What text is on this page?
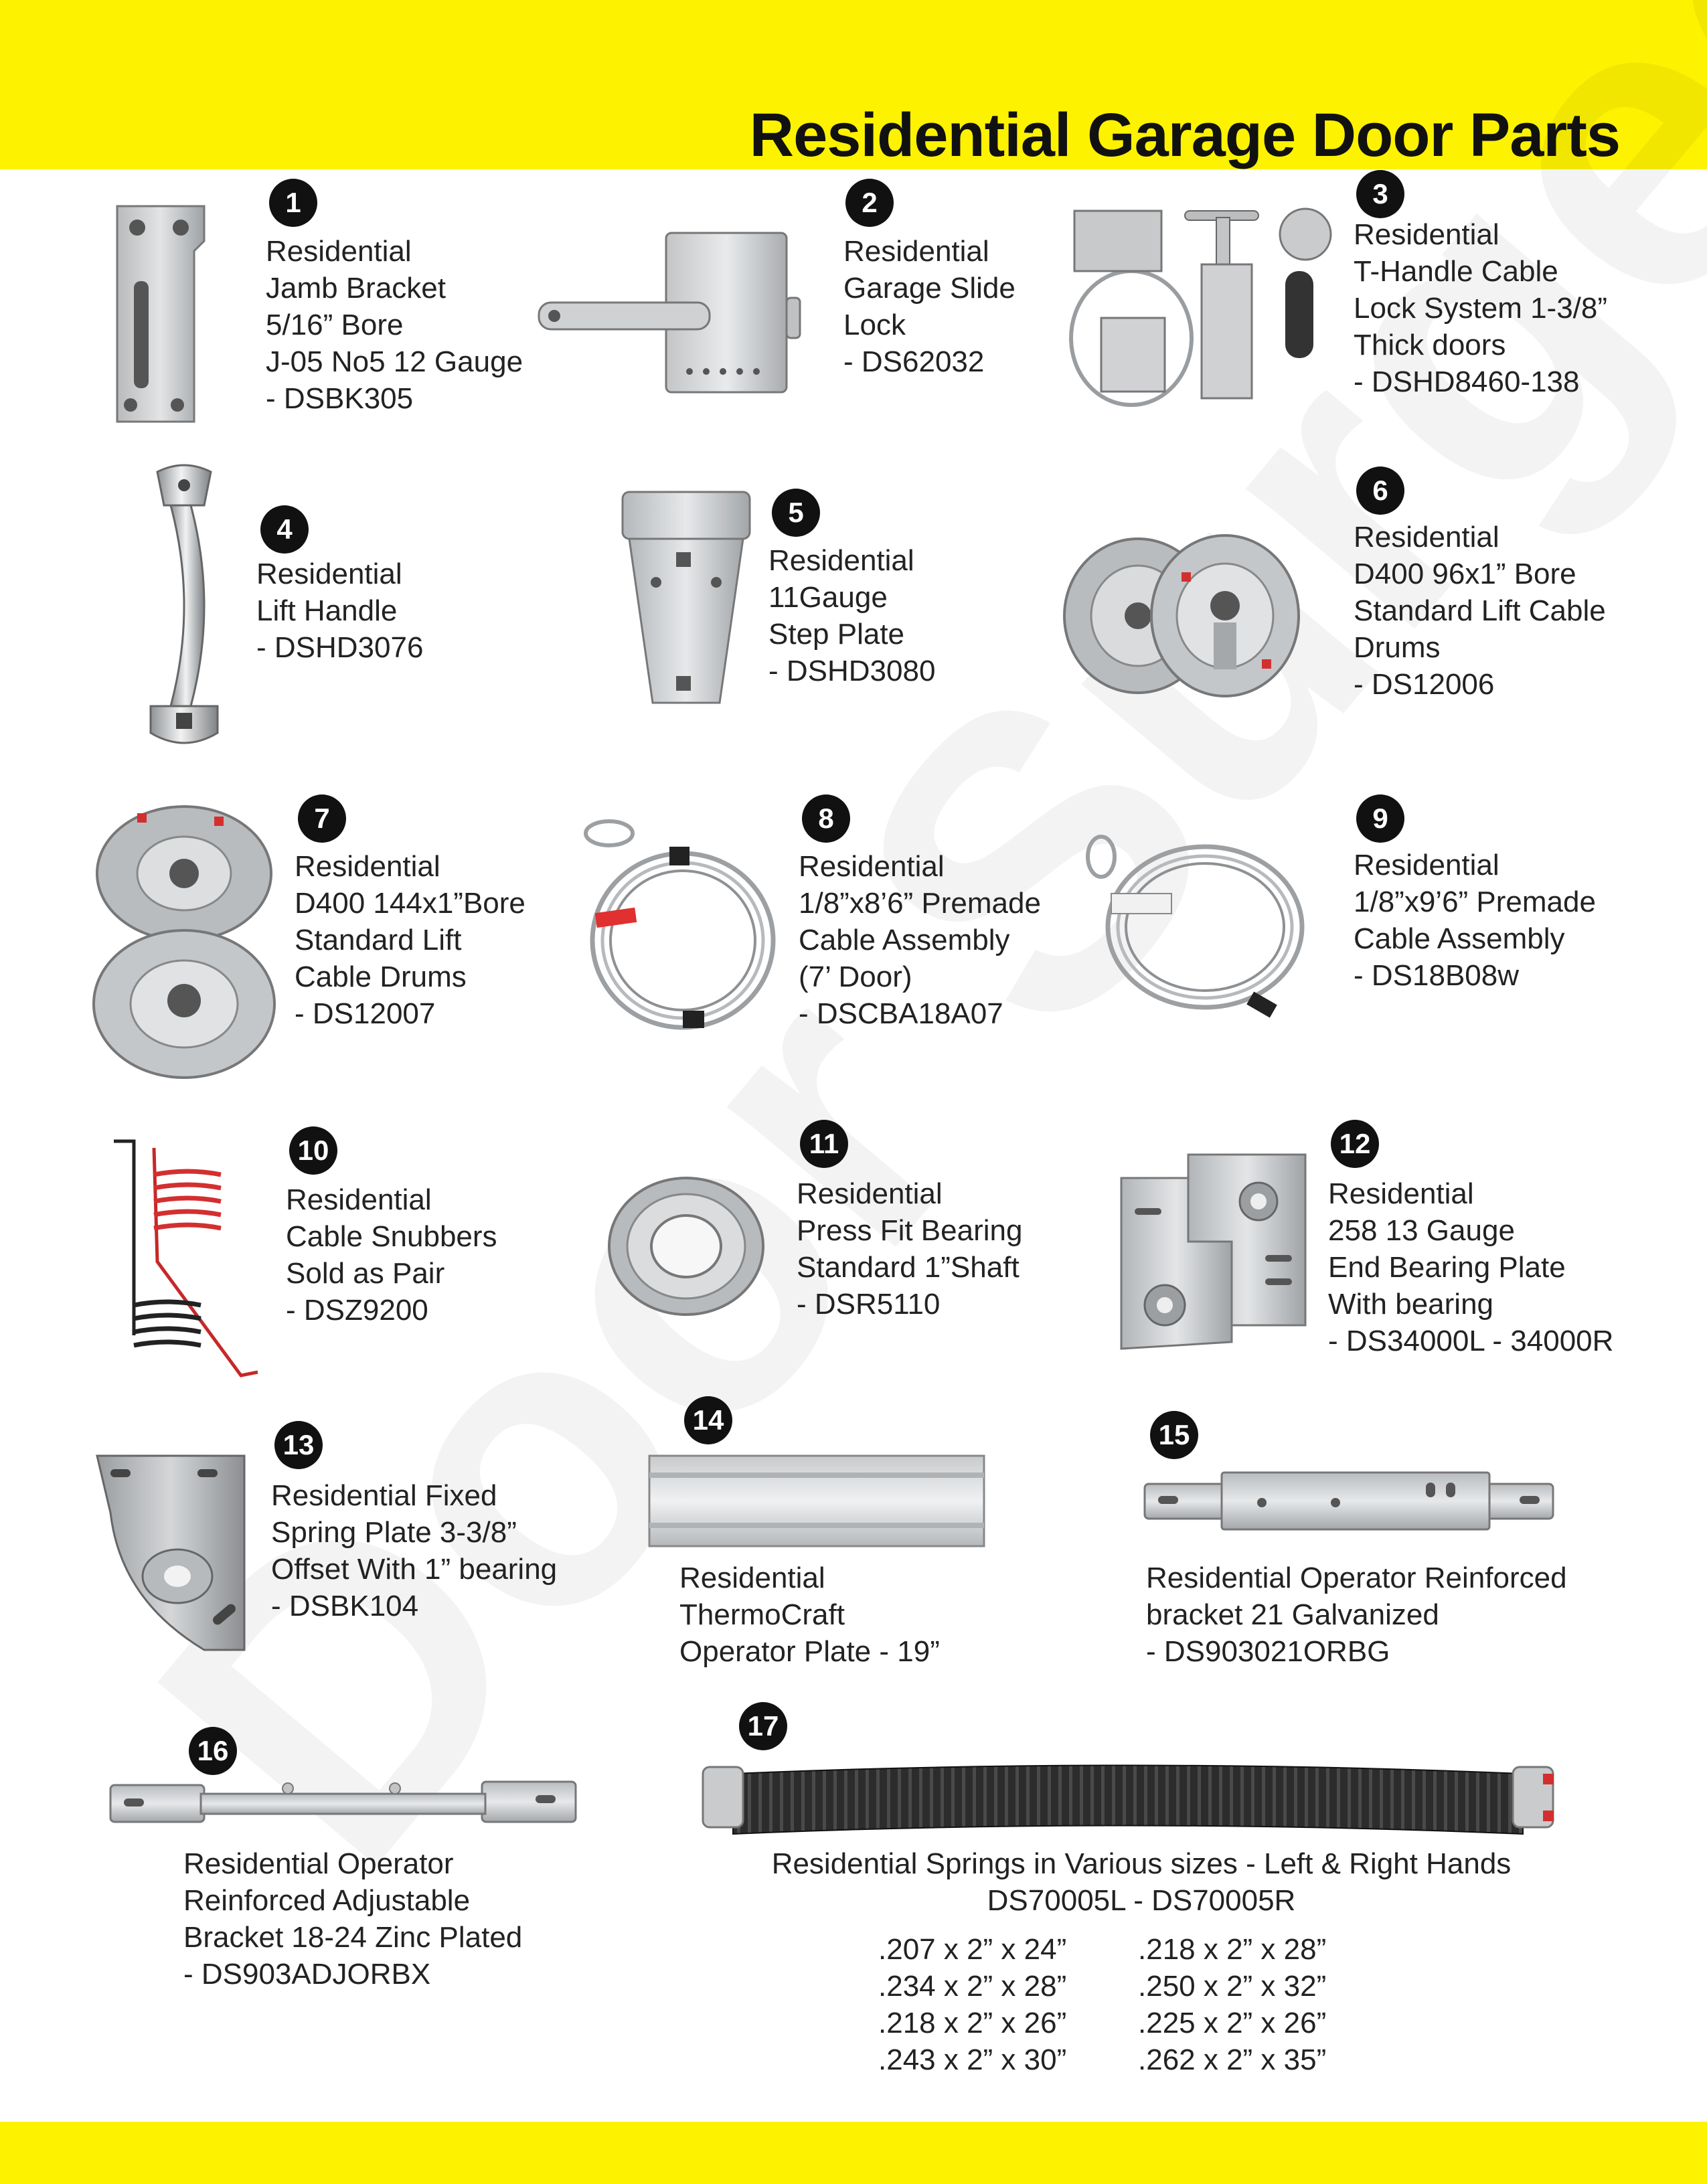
Residential Garage Door Parts
1
Residential
Jamb Bracket
5/16” Bore
J-05 No5 12 Gauge
- DSBK305
2
Residential
Garage Slide
Lock
- DS62032
3
Residential
T-Handle Cable
Lock System 1-3/8”
Thick doors
- DSHD8460-138
4
Residential
Lift Handle
- DSHD3076
5
Residential
11Gauge
Step Plate
- DSHD3080
6
Residential
D400 96x1” Bore
Standard Lift Cable
Drums
- DS12006
7
Residential
D400 144x1”Bore
Standard Lift
Cable Drums
- DS12007
8
Residential
1/8”x8’6” Premade
Cable Assembly
(7’ Door)
- DSCBA18A07
9
Residential
1/8”x9’6” Premade
Cable Assembly
- DS18B08w
10
Residential
Cable Snubbers
Sold as Pair
- DSZ9200
11
Residential
Press Fit Bearing
Standard 1”Shaft
- DSR5110
12
Residential
258 13 Gauge
End Bearing Plate
With bearing
- DS34000L - 34000R
13
Residential Fixed
Spring Plate 3-3/8”
Offset With 1” bearing
- DSBK104
14
Residential
ThermoCraft
Operator Plate - 19”
15
Residential Operator Reinforced
bracket 21 Galvanized
- DS903021ORBG
16
Residential Operator
Reinforced Adjustable
Bracket 18-24 Zinc Plated
- DS903ADJORBX
17
Residential Springs in Various sizes - Left & Right Hands
DS70005L - DS70005R
.207 x 2” x 24”
.234 x 2” x 28”
.218 x 2” x 26”
.243 x 2” x 30”
.218 x 2” x 28”
.250 x 2” x 32”
.225 x 2” x 26”
.262 x 2” x 35”
